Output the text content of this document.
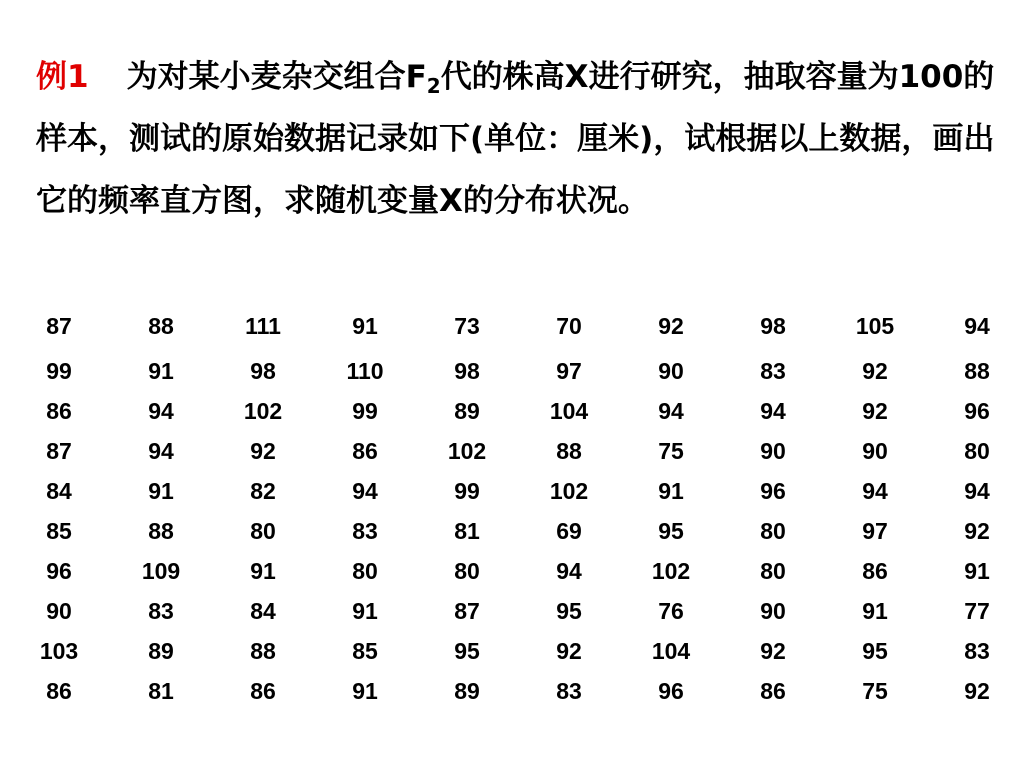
例1 为对某小麦杂交组合$F_2$代的株高X进行研究，抽取容量为100的样本，测试的原始数据记录如下(单位：厘米)，试根据以上数据，画出它的频率直方图，求随机变量X的分布状况。

87	88	111	91	73	70	92	98	105	94

99	91	98	110	98	97	90	83	92	88
86	94	102	99	89	104	94	94	92	96
87	94	92	86	102	88	75	90	90	80
84	91	82	94	99	102	91	96	94	94
85	88	80	83	81	69	95	80	97	92
96	109	91	80	80	94	102	80	86	91
90	83	84	91	87	95	76	90	91	77
103	89	88	85	95	92	104	92	95	83
86	81	86	91	89	83	96	86	75	92
